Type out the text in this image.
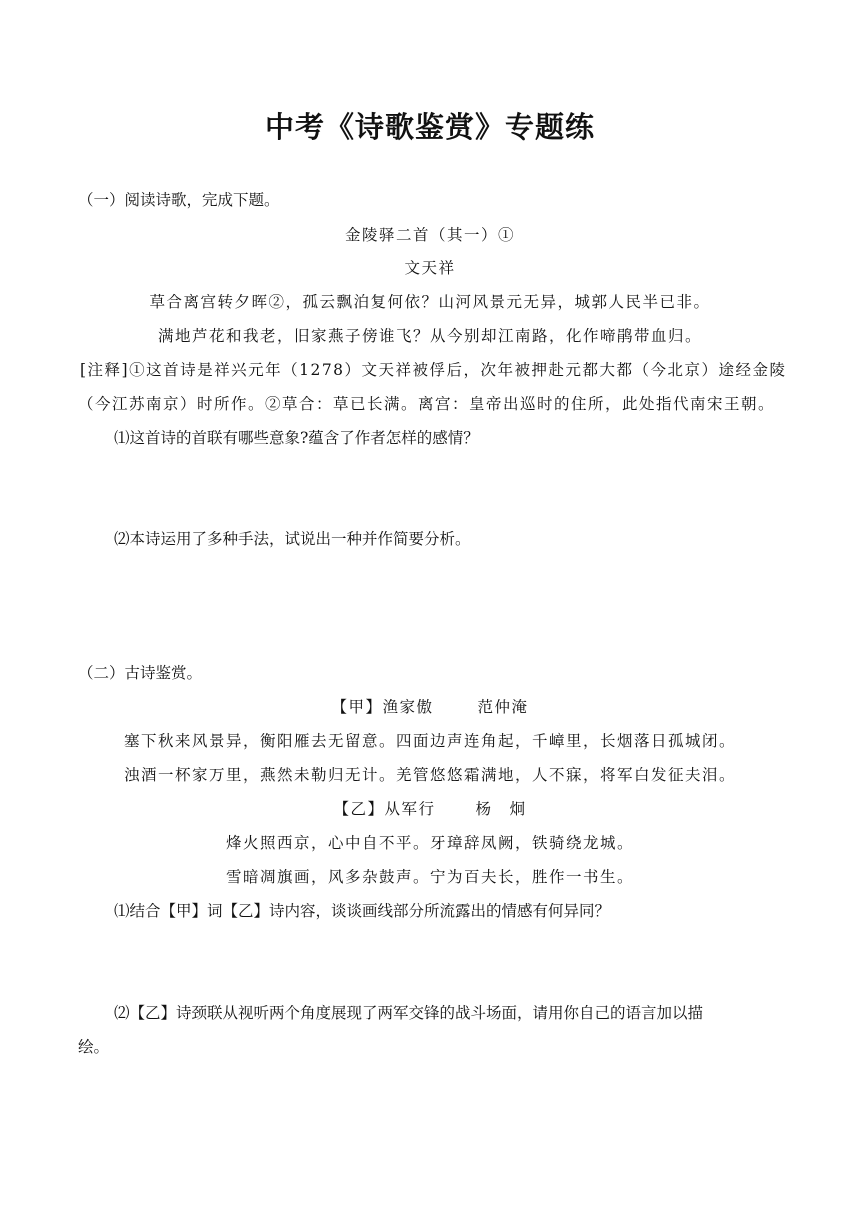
中考《诗歌鉴赏》专题练
（一）阅读诗歌，完成下题。
金陵驿二首（其一）①
文天祥
草合离宫转夕晖②，孤云飘泊复何依？山河风景元无异，城郭人民半已非。
满地芦花和我老，旧家燕子傍谁飞？从今别却江南路，化作啼鹃带血归。
[注释]①这首诗是祥兴元年（1278）文天祥被俘后，次年被押赴元都大都（今北京）途经金陵
（今江苏南京）时所作。②草合：草已长满。离宫：皇帝出巡时的住所，此处指代南宋王朝。
⑴这首诗的首联有哪些意象?蕴含了作者怎样的感情？
⑵本诗运用了多种手法，试说出一种并作简要分析。
（二）古诗鉴赏。
【甲】渔家傲	范仲淹
塞下秋来风景异，衡阳雁去无留意。四面边声连角起，千嶂里，长烟落日孤城闭。
浊酒一杯家万里，燕然未勒归无计。羌管悠悠霜满地，人不寐，将军白发征夫泪。
【乙】从军行	杨　炯
烽火照西京，心中自不平。牙璋辞凤阙，铁骑绕龙城。
雪暗凋旗画，风多杂鼓声。宁为百夫长，胜作一书生。
⑴结合【甲】词【乙】诗内容，谈谈画线部分所流露出的情感有何异同？
⑵【乙】诗颈联从视听两个角度展现了两军交锋的战斗场面，请用你自己的语言加以描
绘。
